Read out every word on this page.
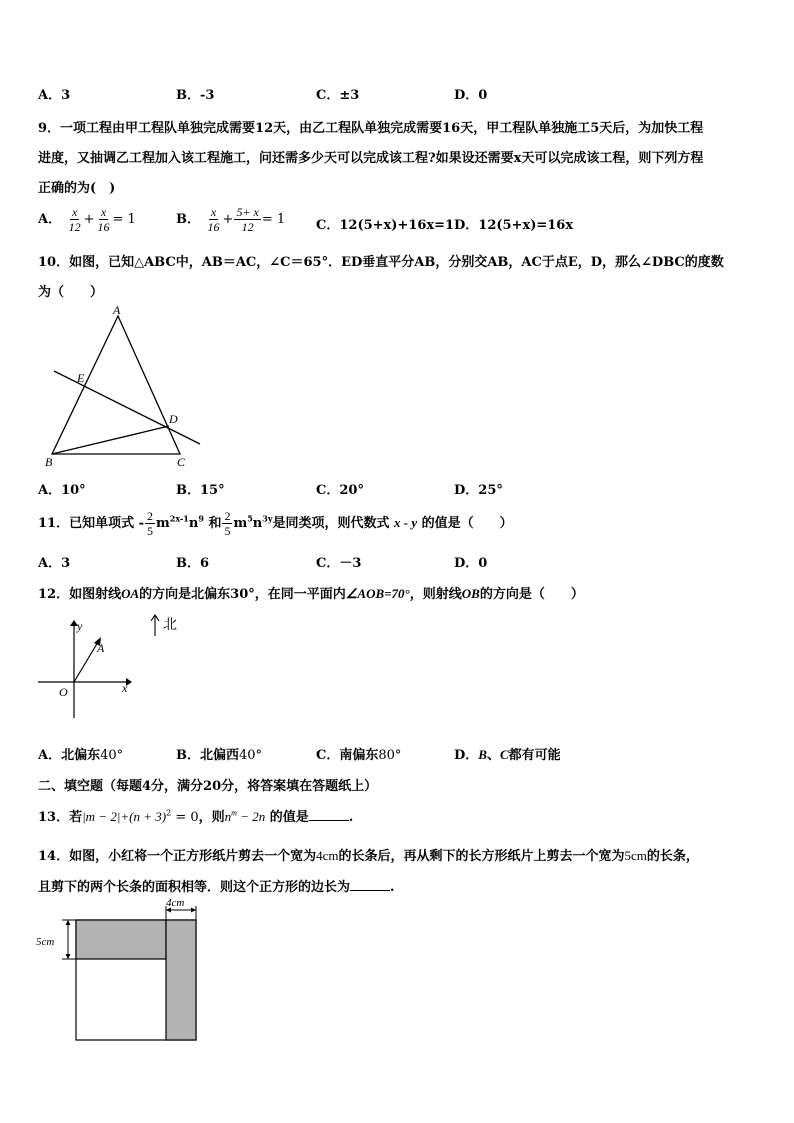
A．3	B．-3	C．±3	D．0
9．一项工程由甲工程队单独完成需要12天，由乙工程队单独完成需要16天，甲工程队单独施工5天后，为加快工程
进度，又抽调乙工程加入该工程施工，问还需多少天可以完成该工程?如果设还需要x天可以完成该工程，则下列方程
正确的为(　)
A． $\frac{x}{12} + \frac{x}{16} = 1$	B． $\frac{x}{16} + \frac{5+ x}{12} = 1$ C．12(5+x)+16x=1 D．12(5+x)=16x
10．如图，已知△ABC中，AB＝AC，∠C＝65°．ED垂直平分AB，分别交AB，AC于点E，D，那么∠DBC的度数
为（　　）
A
E
D
B	C
A．10°	B．15°	C．20°	D．25°
11．已知单项式 - $\frac{2}{5} m^{2x-1}n^9$ 和 $\frac{2}{5} m^5n^{3y}$是同类项，则代数式 x - y 的值是（　　）
A．3	B．6	C．－3	D．0
12．如图射线OA的方向是北偏东30°，在同一平面内∠AOB=70°，则射线OB的方向是（　　）
y
A
O	x
北
A．北偏东40°	B．北偏西40°	C．南偏东80°	D．B、C都有可能
二、填空题（每题4分，满分20分，将答案填在答题纸上）
13．若$|m - 2|+(n + 3)^2 = 0$，则$n^m - 2n$ 的值是	.
14．如图，小红将一个正方形纸片剪去一个宽为4cm的长条后，再从剩下的长方形纸片上剪去一个宽为5cm的长条，
且剪下的两个长条的面积相等．则这个正方形的边长为	.
4cm
5cm
